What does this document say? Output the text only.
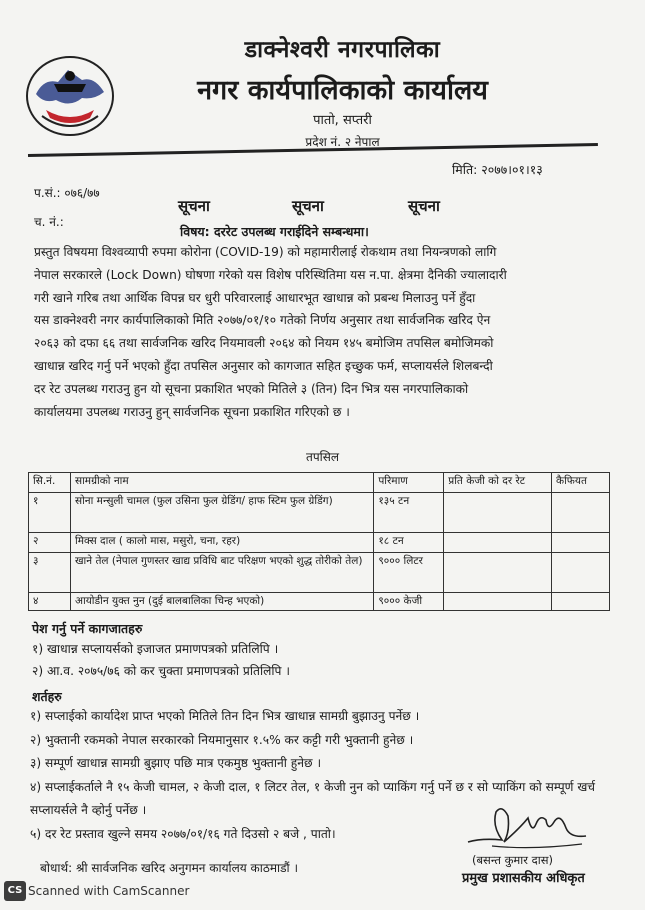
डाक्नेश्वरी नगरपालिका
नगर कार्यपालिकाको कार्यालय
पातो, सप्तरी
प्रदेश नं. २ नेपाल
मिति: २०७७।०१।१३
प.सं.: ०७६/७७
च. नं.:
सूचना	सूचना	सूचना
विषय: दररेट उपलब्ध गराईदिने सम्बन्धमा।
प्रस्तुत विषयमा विश्वव्यापी रुपमा कोरोना (COVID-19) को महामारीलाई रोकथाम तथा नियन्त्रणको लागि
नेपाल सरकारले (Lock Down) घोषणा गरेको यस विशेष परिस्थितिमा यस न.पा. क्षेत्रमा दैनिकी ज्यालादारी
गरी खाने गरिब तथा आर्थिक विपन्न घर धुरी परिवारलाई आधारभूत खाधान्न को प्रबन्ध मिलाउनु पर्ने हुँदा
यस डाक्नेश्वरी नगर कार्यपालिकाको मिति २०७७/०१/१० गतेको निर्णय अनुसार तथा सार्वजनिक खरिद ऐन
२०६३ को दफा ६६ तथा सार्वजनिक खरिद नियमावली २०६४ को नियम १४५ बमोजिम तपसिल बमोजिमको
खाधान्न खरिद गर्नु पर्ने भएको हुँदा तपसिल अनुसार को कागजात सहित इच्छुक फर्म, सप्लायर्सले शिलबन्दी
दर रेट उपलब्ध गराउनु हुन यो सूचना प्रकाशित भएको मितिले ३ (तिन) दिन भित्र यस नगरपालिकाको
कार्यालयमा उपलब्ध गराउनु हुन् सार्वजनिक सूचना प्रकाशित गरिएको छ ।
तपसिल
सि.नं.	सामग्रीको नाम	परिमाण	प्रति केजी को दर रेट	कैफियत
१	सोना मन्सुली चामल (फुल उसिना फुल ग्रेडिंग/ हाफ स्टिम फुल ग्रेडिंग)	१३५ टन		
२	मिक्स दाल ( कालो मास, मसुरो, चना, रहर)	१८ टन		
३	खाने तेल (नेपाल गुणस्तर खाद्य प्रविधि बाट परिक्षण भएको शुद्ध तोरीको तेल)	९००० लिटर		
४	आयोडीन युक्त नुन (दुई बालबालिका चिन्ह भएको)	९००० केजी		
पेश गर्नु पर्ने कागजातहरु
१) खाधान्न सप्लायर्सको इजाजत प्रमाणपत्रको प्रतिलिपि ।
२) आ.व. २०७५/७६ को कर चुक्ता प्रमाणपत्रको प्रतिलिपि ।
शर्तहरु
१) सप्लाईको कार्यादेश प्राप्त भएको मितिले तिन दिन भित्र खाधान्न सामग्री बुझाउनु पर्नेछ ।
२) भुक्तानी रकमको नेपाल सरकारको नियमानुसार १.५% कर कट्टी गरी भुक्तानी हुनेछ ।
३) सम्पूर्ण खाधान्न सामग्री बुझाए पछि मात्र एकमुष्ठ भुक्तानी हुनेछ ।
४) सप्लाईकर्ताले नै १५ केजी चामल, २ केजी दाल, १ लिटर तेल, १ केजी नुन को प्याकिंग गर्नु पर्ने छ र सो प्याकिंग को सम्पूर्ण खर्च सप्लायर्सले नै व्होर्नु पर्नेछ ।
५) दर रेट प्रस्ताव खुल्ने समय २०७७/०१/१६ गते दिउसो २ बजे , पातो।
(बसन्त कुमार दास)
प्रमुख प्रशासकीय अधिकृत
बोधार्थ: श्री सार्वजनिक खरिद अनुगमन कार्यालय काठमाडौं ।
CS Scanned with CamScanner
